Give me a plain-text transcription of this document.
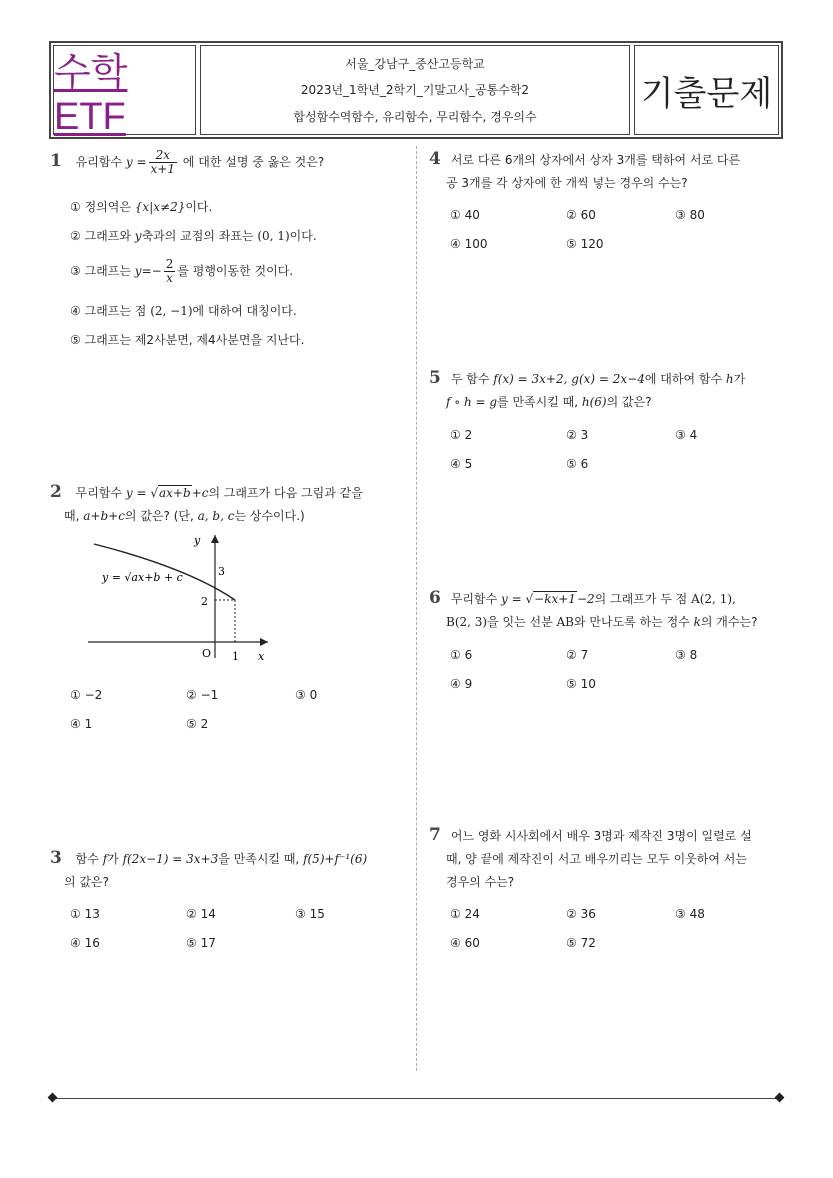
수학ETF
서울_강남구_중산고등학교
2023년_1학년_2학기_기말고사_공통수학2
합성함수역함수, 유리함수, 무리함수, 경우의수
기출문제
1 유리함수 $y = \frac{2x}{x+1}$ 에 대한 설명 중 옳은 것은?
① 정의역은 {x|x≠2}이다.
② 그래프와 y축과의 교점의 좌표는 (0, 1)이다.
③ 그래프는 $y=- \frac{2}{x}$ 를 평행이동한 것이다.
④ 그래프는 점 (2, −1)에 대하여 대칭이다.
⑤ 그래프는 제2사분면, 제4사분면을 지난다.
2 무리함수 y = √ax+b+c의 그래프가 다음 그림과 같을
때, a+b+c의 값은? (단, a, b, c는 상수이다.)
y
x
O
3
2
1
y = √ax+b + c
① −2	② −1	③ 0
④ 1	⑤ 2
3 함수 f가 f(2x−1) = 3x+3을 만족시킬 때, f(5)+f⁻¹(6)
의 값은?
① 13	② 14	③ 15
④ 16	⑤ 17
4 서로 다른 6개의 상자에서 상자 3개를 택하여 서로 다른
공 3개를 각 상자에 한 개씩 넣는 경우의 수는?
① 40	② 60	③ 80
④ 100	⑤ 120
5 두 함수 f(x) = 3x+2, g(x) = 2x−4에 대하여 함수 h가
f ∘ h = g를 만족시킬 때, h(6)의 값은?
① 2	② 3	③ 4
④ 5	⑤ 6
6 무리함수 y = √−kx+1−2의 그래프가 두 점 A(2, 1),
B(2, 3)을 잇는 선분 AB와 만나도록 하는 정수 k의 개수는?
① 6	② 7	③ 8
④ 9	⑤ 10
7 어느 영화 시사회에서 배우 3명과 제작진 3명이 일렬로 설
때, 양 끝에 제작진이 서고 배우끼리는 모두 이웃하여 서는
경우의 수는?
① 24	② 36	③ 48
④ 60	⑤ 72
